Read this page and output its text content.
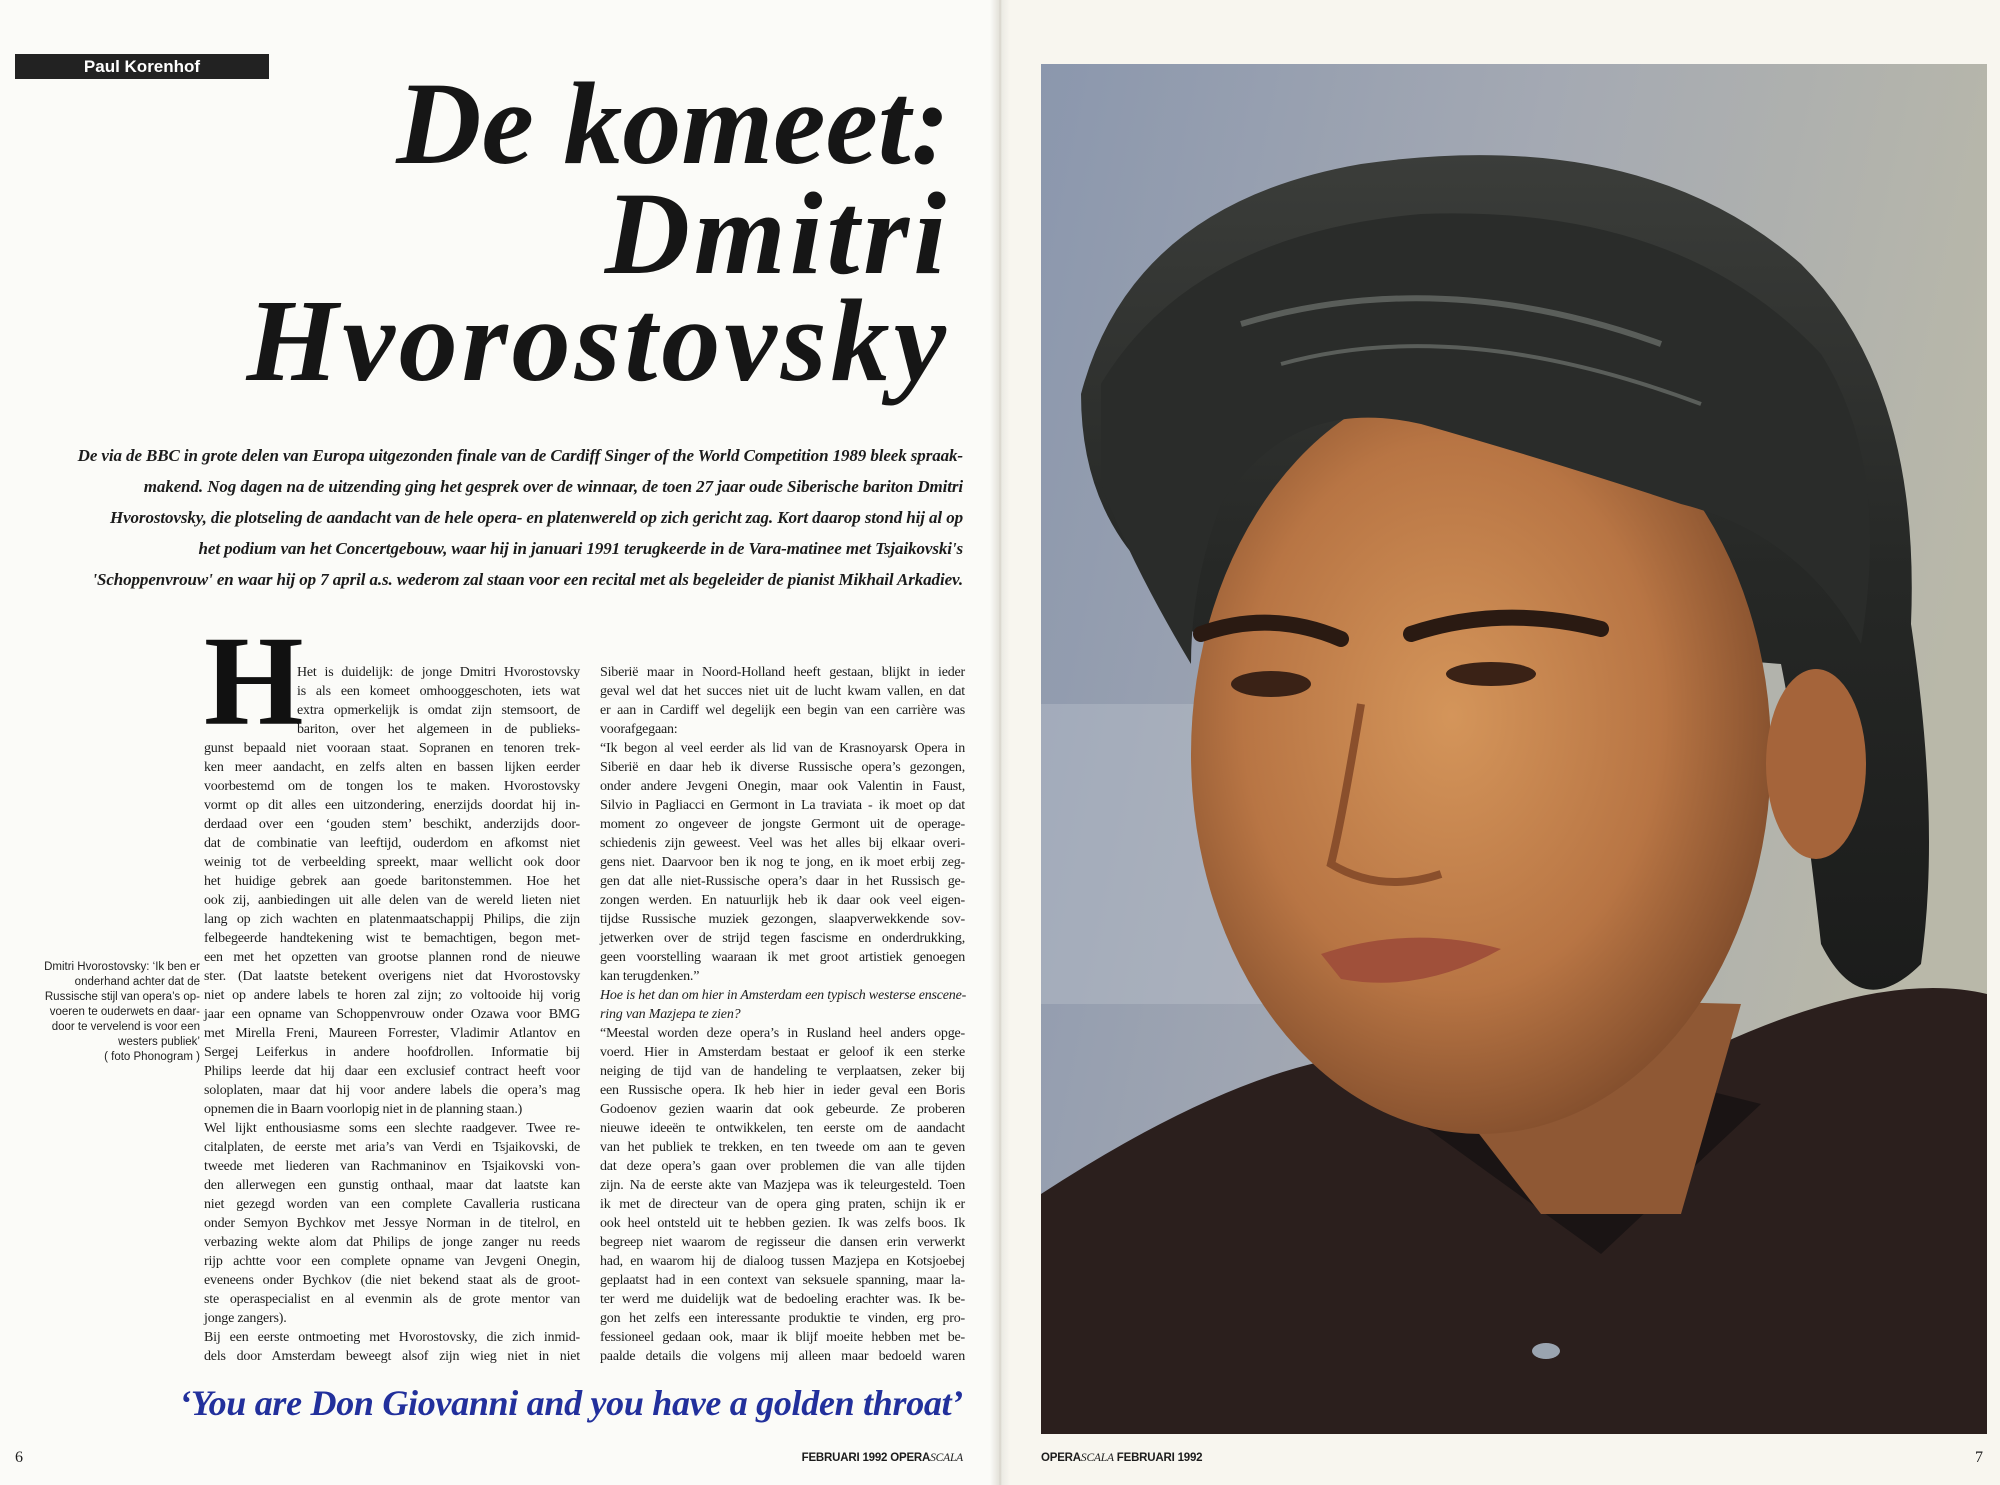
Paul Korenhof	De komeet:
Dmitri
Hvorostovsky
De via de BBC in grote delen van Europa uitgezonden finale van de Cardiff Singer of the World Competition 1989 bleek spraak-
makend. Nog dagen na de uitzending ging het gesprek over de winnaar, de toen 27 jaar oude Siberische bariton Dmitri
Hvorostovsky, die plotseling de aandacht van de hele opera- en platenwereld op zich gericht zag. Kort daarop stond hij al op
het podium van het Concertgebouw, waar hij in januari 1991 terugkeerde in de Vara-matinee met Tsjaikovski's
'Schoppenvrouw' en waar hij op 7 april a.s. wederom zal staan voor een recital met als begeleider de pianist Mikhail Arkadiev.
H
Het is duidelijk: de jonge Dmitri Hvorostovsky
is als een komeet omhooggeschoten, iets wat
extra opmerkelijk is omdat zijn stemsoort, de
bariton, over het algemeen in de publieks-
gunst bepaald niet vooraan staat. Sopranen en tenoren trek-
ken meer aandacht, en zelfs alten en bassen lijken eerder
voorbestemd om de tongen los te maken. Hvorostovsky
vormt op dit alles een uitzondering, enerzijds doordat hij in-
derdaad over een ‘gouden stem’ beschikt, anderzijds door-
dat de combinatie van leeftijd, ouderdom en afkomst niet
weinig tot de verbeelding spreekt, maar wellicht ook door
het huidige gebrek aan goede baritonstemmen. Hoe het
ook zij, aanbiedingen uit alle delen van de wereld lieten niet
lang op zich wachten en platenmaatschappij Philips, die zijn
felbegeerde handtekening wist te bemachtigen, begon met-
een met het opzetten van grootse plannen rond de nieuwe
ster. (Dat laatste betekent overigens niet dat Hvorostovsky
niet op andere labels te horen zal zijn; zo voltooide hij vorig
jaar een opname van Schoppenvrouw onder Ozawa voor BMG
met Mirella Freni, Maureen Forrester, Vladimir Atlantov en
Sergej Leiferkus in andere hoofdrollen. Informatie bij
Philips leerde dat hij daar een exclusief contract heeft voor
soloplaten, maar dat hij voor andere labels die opera’s mag
opnemen die in Baarn voorlopig niet in de planning staan.)
Wel lijkt enthousiasme soms een slechte raadgever. Twee re-
citalplaten, de eerste met aria’s van Verdi en Tsjaikovski, de
tweede met liederen van Rachmaninov en Tsjaikovski von-
den allerwegen een gunstig onthaal, maar dat laatste kan
niet gezegd worden van een complete Cavalleria rusticana
onder Semyon Bychkov met Jessye Norman in de titelrol, en
verbazing wekte alom dat Philips de jonge zanger nu reeds
rijp achtte voor een complete opname van Jevgeni Onegin,
eveneens onder Bychkov (die niet bekend staat als de groot-
ste operaspecialist en al evenmin als de grote mentor van
jonge zangers).
Bij een eerste ontmoeting met Hvorostovsky, die zich inmid-
dels door Amsterdam beweegt alsof zijn wieg niet in niet
Siberië maar in Noord-Holland heeft gestaan, blijkt in ieder
geval wel dat het succes niet uit de lucht kwam vallen, en dat
er aan in Cardiff wel degelijk een begin van een carrière was
voorafgegaan:
“Ik begon al veel eerder als lid van de Krasnoyarsk Opera in
Siberië en daar heb ik diverse Russische opera’s gezongen,
onder andere Jevgeni Onegin, maar ook Valentin in Faust,
Silvio in Pagliacci en Germont in La traviata - ik moet op dat
moment zo ongeveer de jongste Germont uit de operage-
schiedenis zijn geweest. Veel was het alles bij elkaar overi-
gens niet. Daarvoor ben ik nog te jong, en ik moet erbij zeg-
gen dat alle niet-Russische opera’s daar in het Russisch ge-
zongen werden. En natuurlijk heb ik daar ook veel eigen-
tijdse Russische muziek gezongen, slaapverwekkende sov-
jetwerken over de strijd tegen fascisme en onderdrukking,
geen voorstelling waaraan ik met groot artistiek genoegen
kan terugdenken.”
Hoe is het dan om hier in Amsterdam een typisch westerse enscene-
ring van Mazjepa te zien?
“Meestal worden deze opera’s in Rusland heel anders opge-
voerd. Hier in Amsterdam bestaat er geloof ik een sterke
neiging de tijd van de handeling te verplaatsen, zeker bij
een Russische opera. Ik heb hier in ieder geval een Boris
Godoenov gezien waarin dat ook gebeurde. Ze proberen
nieuwe ideeën te ontwikkelen, ten eerste om de aandacht
van het publiek te trekken, en ten tweede om aan te geven
dat deze opera’s gaan over problemen die van alle tijden
zijn. Na de eerste akte van Mazjepa was ik teleurgesteld. Toen
ik met de directeur van de opera ging praten, schijn ik er
ook heel ontsteld uit te hebben gezien. Ik was zelfs boos. Ik
begreep niet waarom de regisseur die dansen erin verwerkt
had, en waarom hij de dialoog tussen Mazjepa en Kotsjoebej
geplaatst had in een context van seksuele spanning, maar la-
ter werd me duidelijk wat de bedoeling erachter was. Ik be-
gon het zelfs een interessante produktie te vinden, erg pro-
fessioneel gedaan ook, maar ik blijf moeite hebben met be-
paalde details die volgens mij alleen maar bedoeld waren
Dmitri Hvorostovsky: ‘Ik ben er
onderhand achter dat de
Russische stijl van opera’s op-
voeren te ouderwets en daar-
door te vervelend is voor een
westers publiek’
( foto Phonogram )
‘You are Don Giovanni and you have a golden throat’
6	FEBRUARI 1992 OPERASCALA	OPERASCALA FEBRUARI 1992	7
